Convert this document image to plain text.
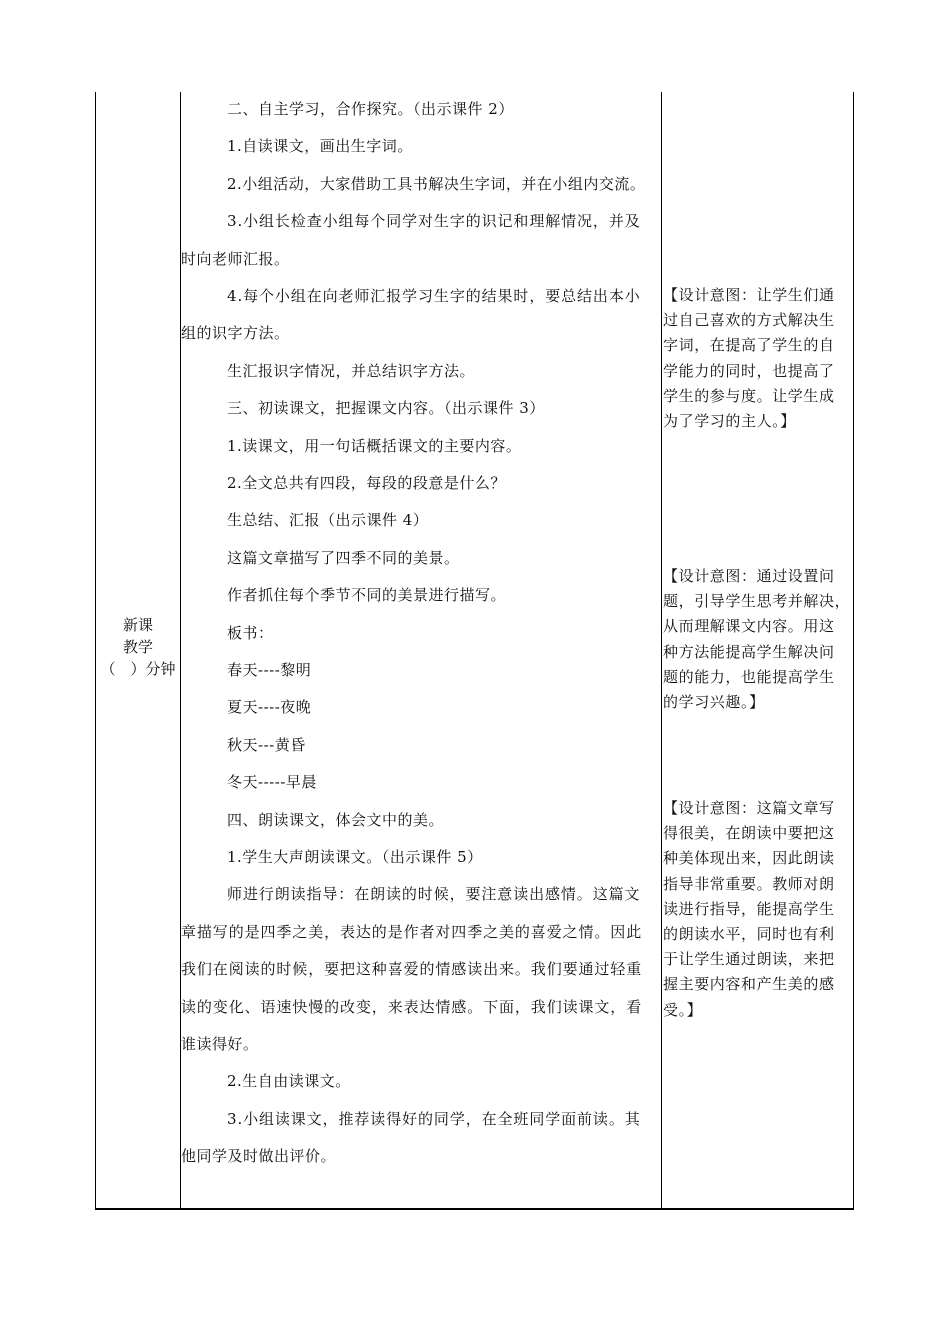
新课
教学
（　）分钟
二、自主学习，合作探究。（出示课件 2）
1.自读课文，画出生字词。
2.小组活动，大家借助工具书解决生字词，并在小组内交流。
3.小组长检查小组每个同学对生字的识记和理解情况，并及
时向老师汇报。
4.每个小组在向老师汇报学习生字的结果时，要总结出本小
组的识字方法。
生汇报识字情况，并总结识字方法。
三、初读课文，把握课文内容。（出示课件 3）
1.读课文，用一句话概括课文的主要内容。
2.全文总共有四段，每段的段意是什么？
生总结、汇报（出示课件 4）
这篇文章描写了四季不同的美景。
作者抓住每个季节不同的美景进行描写。
板书：
春天----黎明
夏天----夜晚
秋天---黄昏
冬天-----早晨
四、朗读课文，体会文中的美。
1.学生大声朗读课文。（出示课件 5）
师进行朗读指导：在朗读的时候，要注意读出感情。这篇文
章描写的是四季之美，表达的是作者对四季之美的喜爱之情。因此
我们在阅读的时候，要把这种喜爱的情感读出来。我们要通过轻重
读的变化、语速快慢的改变，来表达情感。下面，我们读课文，看
谁读得好。
2.生自由读课文。
3.小组读课文，推荐读得好的同学，在全班同学面前读。其
他同学及时做出评价。
【设计意图：让学生们通
过自己喜欢的方式解决生
字词，在提高了学生的自
学能力的同时，也提高了
学生的参与度。让学生成
为了学习的主人。】
【设计意图：通过设置问
题，引导学生思考并解决，
从而理解课文内容。用这
种方法能提高学生解决问
题的能力，也能提高学生
的学习兴趣。】
【设计意图：这篇文章写
得很美，在朗读中要把这
种美体现出来，因此朗读
指导非常重要。教师对朗
读进行指导，能提高学生
的朗读水平，同时也有利
于让学生通过朗读，来把
握主要内容和产生美的感
受。】
